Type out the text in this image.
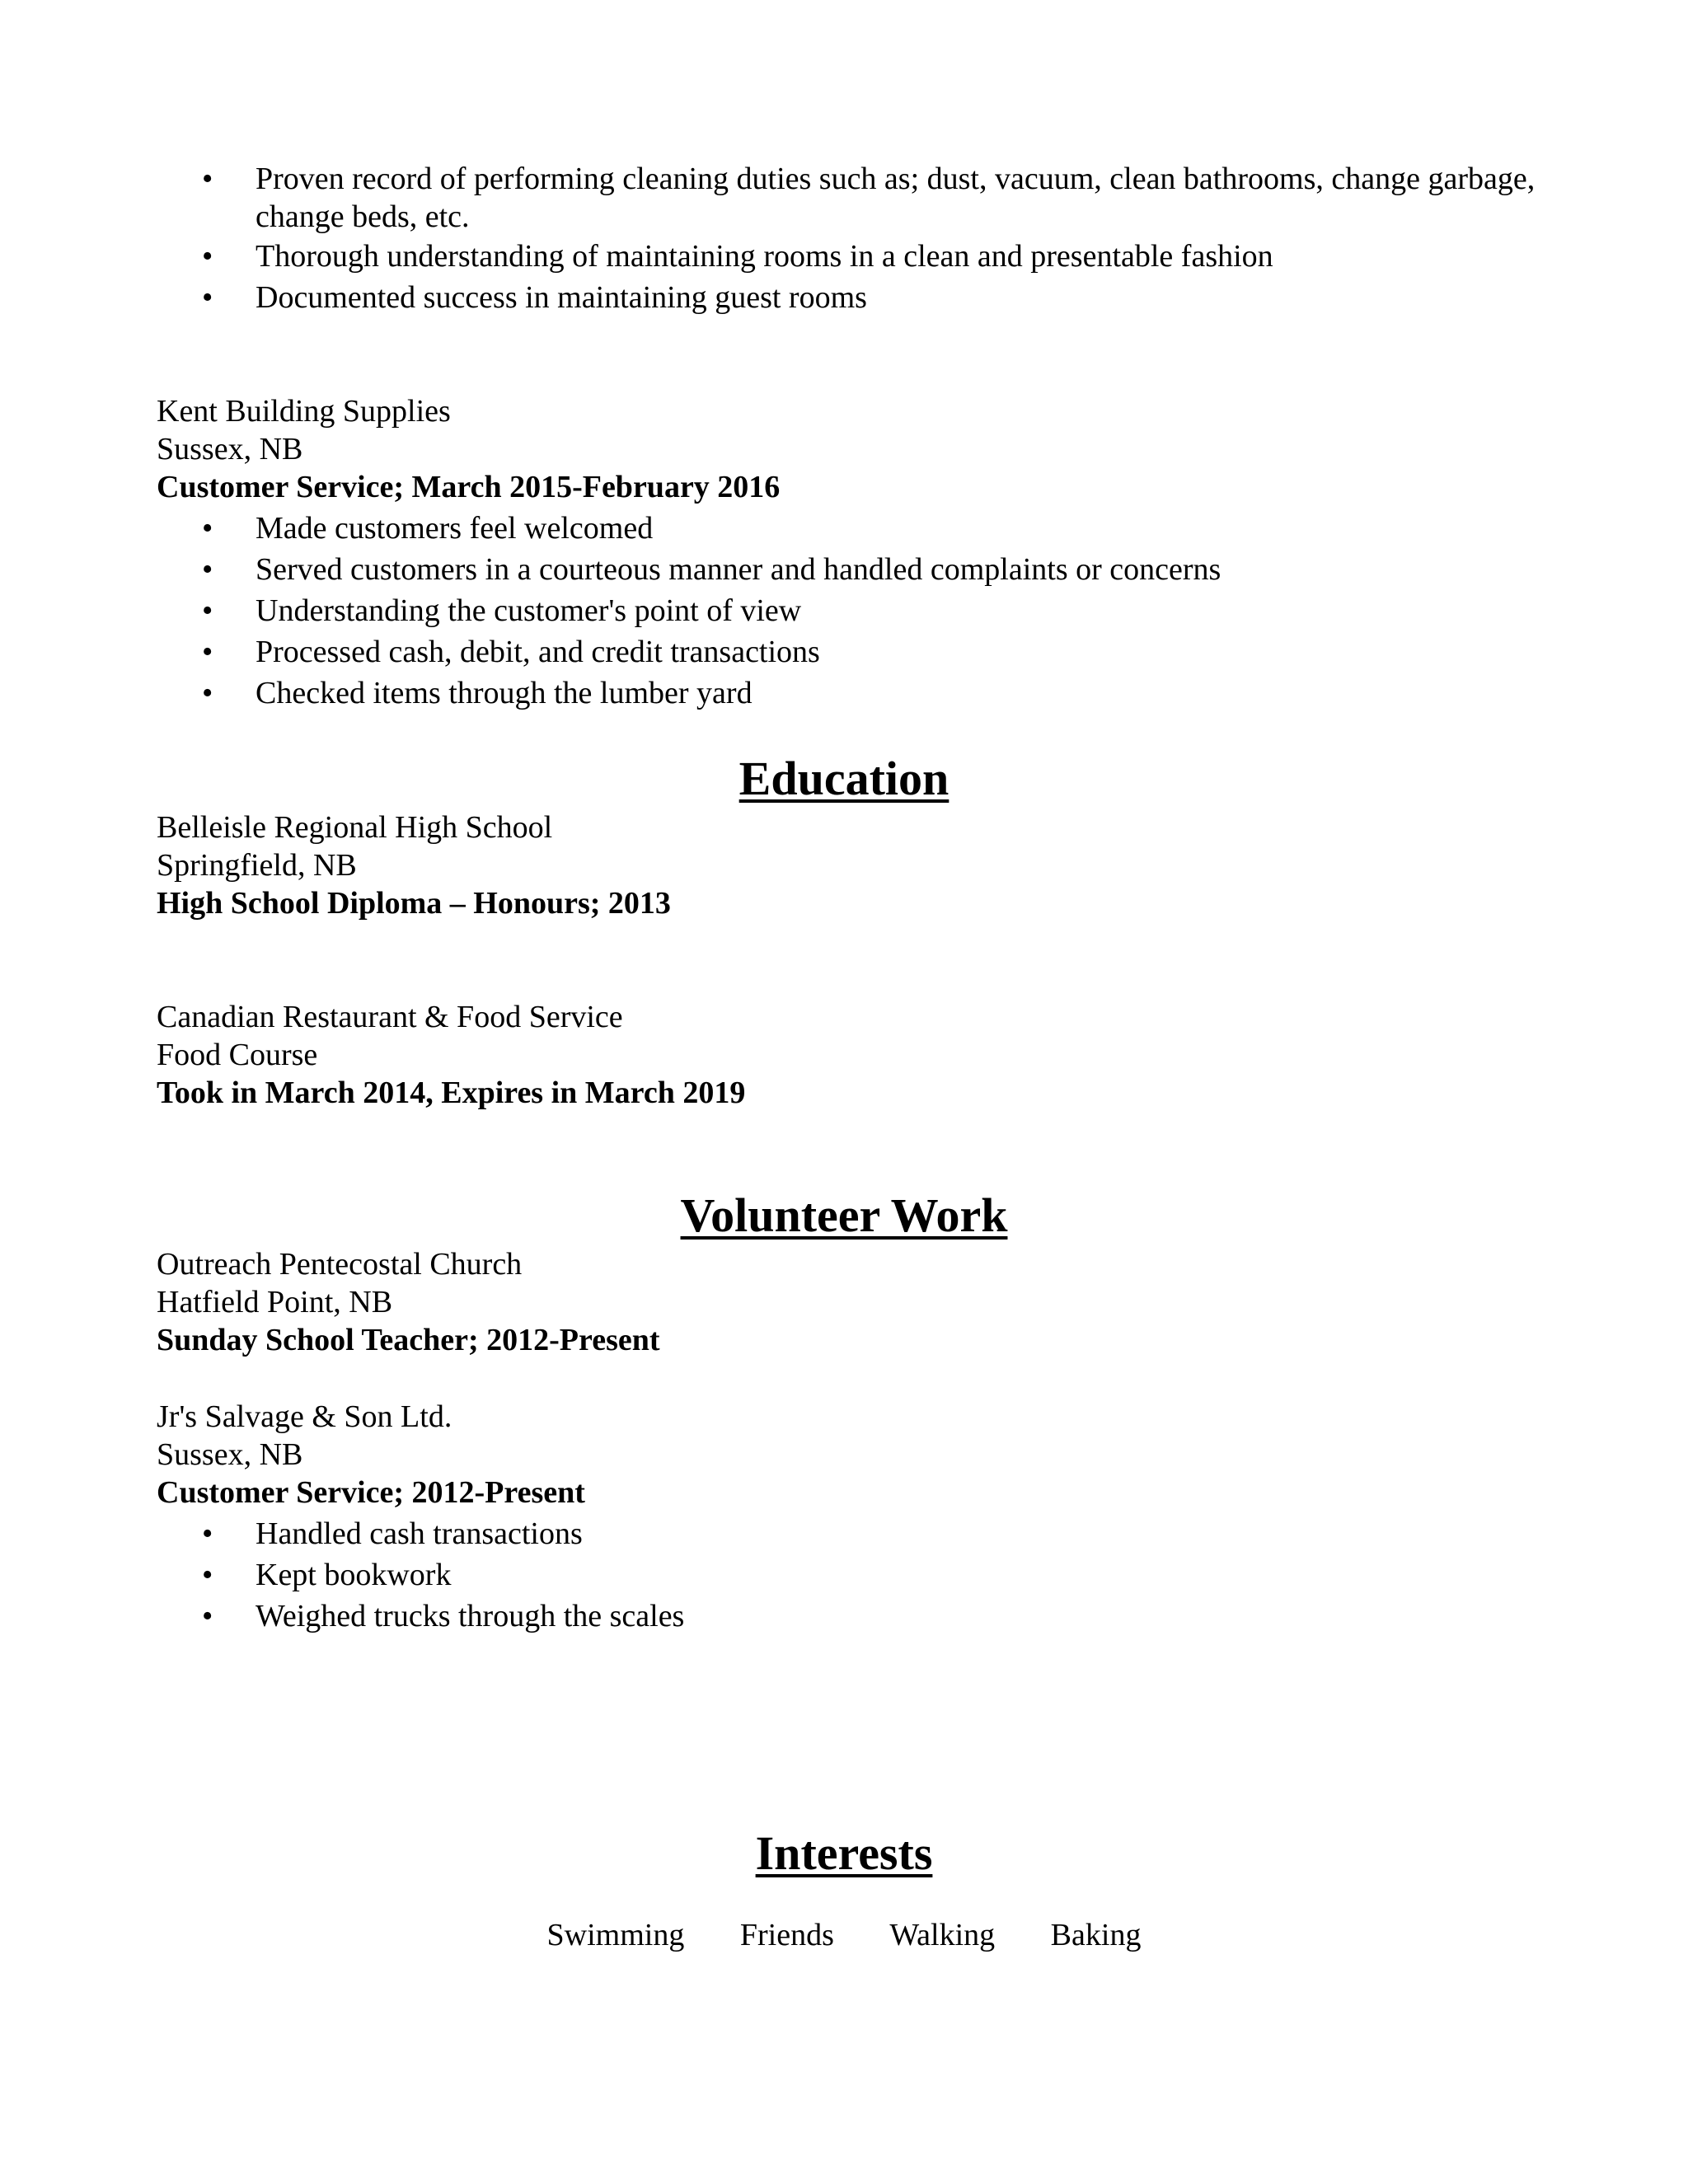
• Proven record of performing cleaning duties such as; dust, vacuum, clean bathrooms, change garbage, change beds, etc.
• Thorough understanding of maintaining rooms in a clean and presentable fashion
• Documented success in maintaining guest rooms
Kent Building Supplies
Sussex, NB
Customer Service; March 2015-February 2016
• Made customers feel welcomed
• Served customers in a courteous manner and handled complaints or concerns
• Understanding the customer's point of view
• Processed cash, debit, and credit transactions
• Checked items through the lumber yard
Education
Belleisle Regional High School
Springfield, NB
High School Diploma – Honours; 2013
Canadian Restaurant & Food Service
Food Course
Took in March 2014, Expires in March 2019
Volunteer Work
Outreach Pentecostal Church
Hatfield Point, NB
Sunday School Teacher; 2012-Present
Jr's Salvage & Son Ltd.
Sussex, NB
Customer Service; 2012-Present
• Handled cash transactions
• Kept bookwork
• Weighed trucks through the scales
Interests
Swimming Friends Walking Baking
